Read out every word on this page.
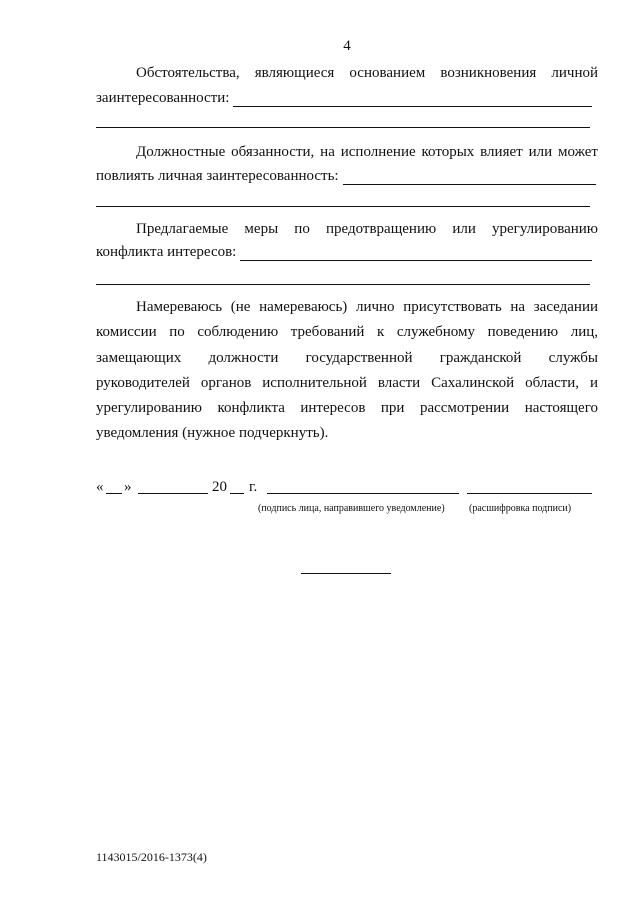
4
Обстоятельства, являющиеся основанием возникновения личной
заинтересованности:
Должностные обязанности, на исполнение которых влияет или может
повлиять личная заинтересованность:
Предлагаемые меры по предотвращению или урегулированию
конфликта интересов:
Намереваюсь (не намереваюсь) лично присутствовать на заседании
комиссии по соблюдению требований к служебному поведению лиц,
замещающих должности государственной гражданской службы
руководителей органов исполнительной власти Сахалинской области, и
урегулированию конфликта интересов при рассмотрении настоящего
уведомления (нужное подчеркнуть).
« »	20 г.
(подпись лица, направившего уведомление) (расшифровка подписи)
1143015/2016-1373(4)
